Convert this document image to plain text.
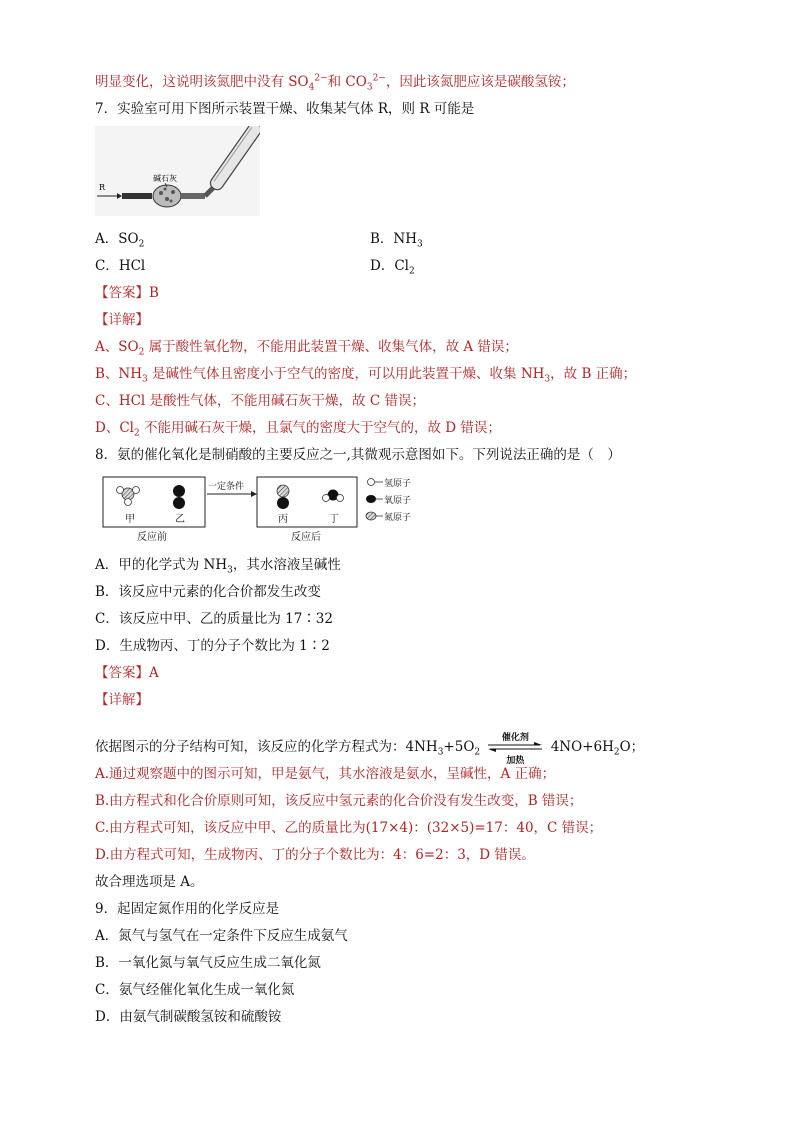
明显变化，这说明该氮肥中没有 $SO_4^{2-}$和 $CO_3^{2-}$，因此该氮肥应该是碳酸氢铵；
7．实验室可用下图所示装置干燥、收集某气体 R，则 R 可能是
R
碱石灰
A．$SO_2$	B．$NH_3$
C．HCl	D．$Cl_2$
【答案】B
【详解】
A、$SO_2$ 属于酸性氧化物，不能用此装置干燥、收集气体，故 A 错误；
B、$NH_3$ 是碱性气体且密度小于空气的密度，可以用此装置干燥、收集 $NH_3$，故 B 正确；
C、HCl 是酸性气体，不能用碱石灰干燥，故 C 错误；
D、$Cl_2$ 不能用碱石灰干燥，且氯气的密度大于空气的，故 D 错误；
8．氨的催化氧化是制硝酸的主要反应之一,其微观示意图如下。下列说法正确的是（　）
甲	乙
反应前
一定条件
丙	丁
反应后
氢原子
氧原子
氮原子
A．甲的化学式为 $NH_3$，其水溶液呈碱性
B．该反应中元素的化合价都发生改变
C．该反应中甲、乙的质量比为 17∶32
D．生成物丙、丁的分子个数比为 1∶2
【答案】A
【详解】
依据图示的分子结构可知，该反应的化学方程式为：$4NH_3+5O_2$
催化剂
加热
$4NO+6H_2O$；
A.通过观察题中的图示可知，甲是氨气，其水溶液是氨水，呈碱性，A 正确；
B.由方程式和化合价原则可知，该反应中氢元素的化合价没有发生改变，B 错误；
C.由方程式可知，该反应中甲、乙的质量比为(17×4)：(32×5)=17：40，C 错误；
D.由方程式可知，生成物丙、丁的分子个数比为：4：6=2：3，D 错误。
故合理选项是 A。
9．起固定氮作用的化学反应是
A．氮气与氢气在一定条件下反应生成氨气
B．一氧化氮与氧气反应生成二氧化氮
C．氨气经催化氧化生成一氧化氮
D．由氨气制碳酸氢铵和硫酸铵
